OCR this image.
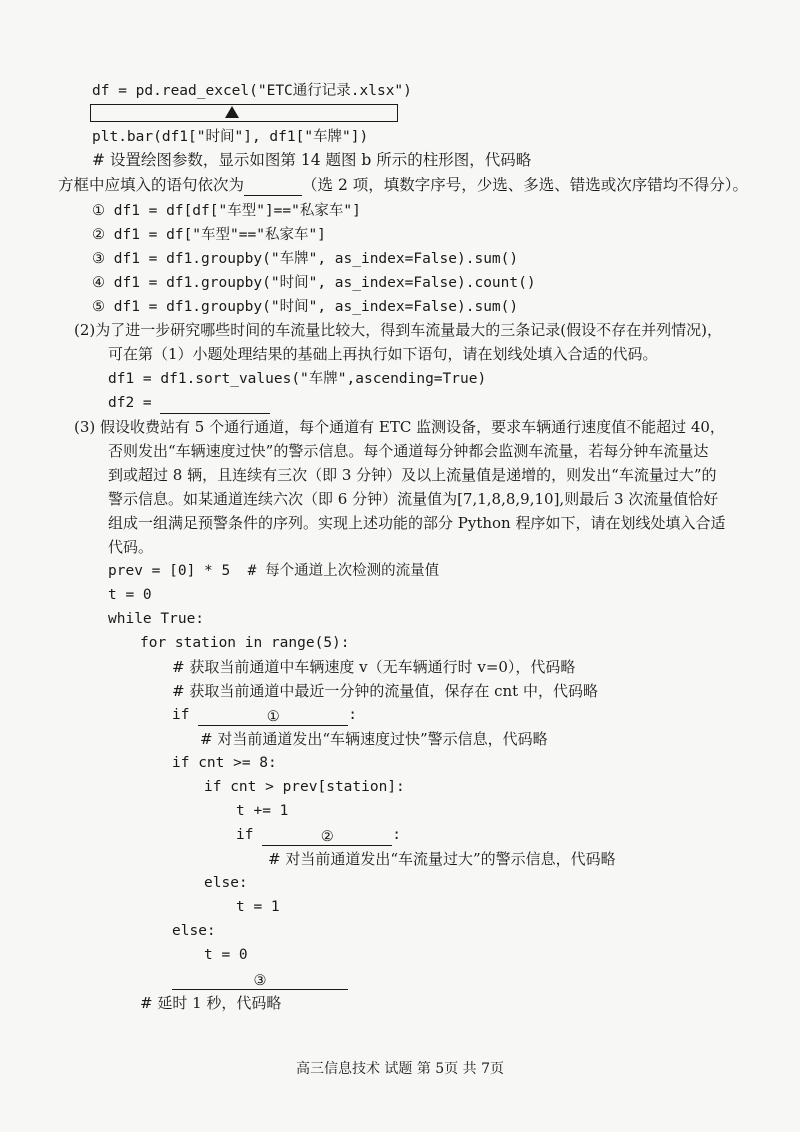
df = pd.read_excel("ETC通行记录.xlsx")
plt.bar(df1["时间"], df1["车牌"])
# 设置绘图参数，显示如图第 14 题图 b 所示的柱形图，代码略
方框中应填入的语句依次为	（选 2 项，填数字序号，少选、多选、错选或次序错均不得分）。
① df1 = df[df["车型"]=="私家车"]
② df1 = df["车型"=="私家车"]
③ df1 = df1.groupby("车牌", as_index=False).sum()
④ df1 = df1.groupby("时间", as_index=False).count()
⑤ df1 = df1.groupby("时间", as_index=False).sum()
(2)为了进一步研究哪些时间的车流量比较大，得到车流量最大的三条记录(假设不存在并列情况)，
可在第（1）小题处理结果的基础上再执行如下语句，请在划线处填入合适的代码。
df1 = df1.sort_values("车牌",ascending=True)
df2 =
(3) 假设收费站有 5 个通行通道，每个通道有 ETC 监测设备，要求车辆通行速度值不能超过 40，
否则发出“车辆速度过快”的警示信息。每个通道每分钟都会监测车流量，若每分钟车流量达
到或超过 8 辆，且连续有三次（即 3 分钟）及以上流量值是递增的，则发出“车流量过大”的
警示信息。如某通道连续六次（即 6 分钟）流量值为[7,1,8,8,9,10],则最后 3 次流量值恰好
组成一组满足预警条件的序列。实现上述功能的部分 Python 程序如下，请在划线处填入合适
代码。
prev = [0] * 5  # 每个通道上次检测的流量值
t = 0
while True:
for station in range(5):
# 获取当前通道中车辆速度 v（无车辆通行时 v=0），代码略
# 获取当前通道中最近一分钟的流量值，保存在 cnt 中，代码略
if	①	:
# 对当前通道发出“车辆速度过快”警示信息，代码略
if cnt >= 8:
if cnt > prev[station]:
t += 1
if	②	:
# 对当前通道发出“车流量过大”的警示信息，代码略
else:
t = 1
else:
t = 0
③
# 延时 1 秒，代码略
高三信息技术 试题 第 5页 共 7页
